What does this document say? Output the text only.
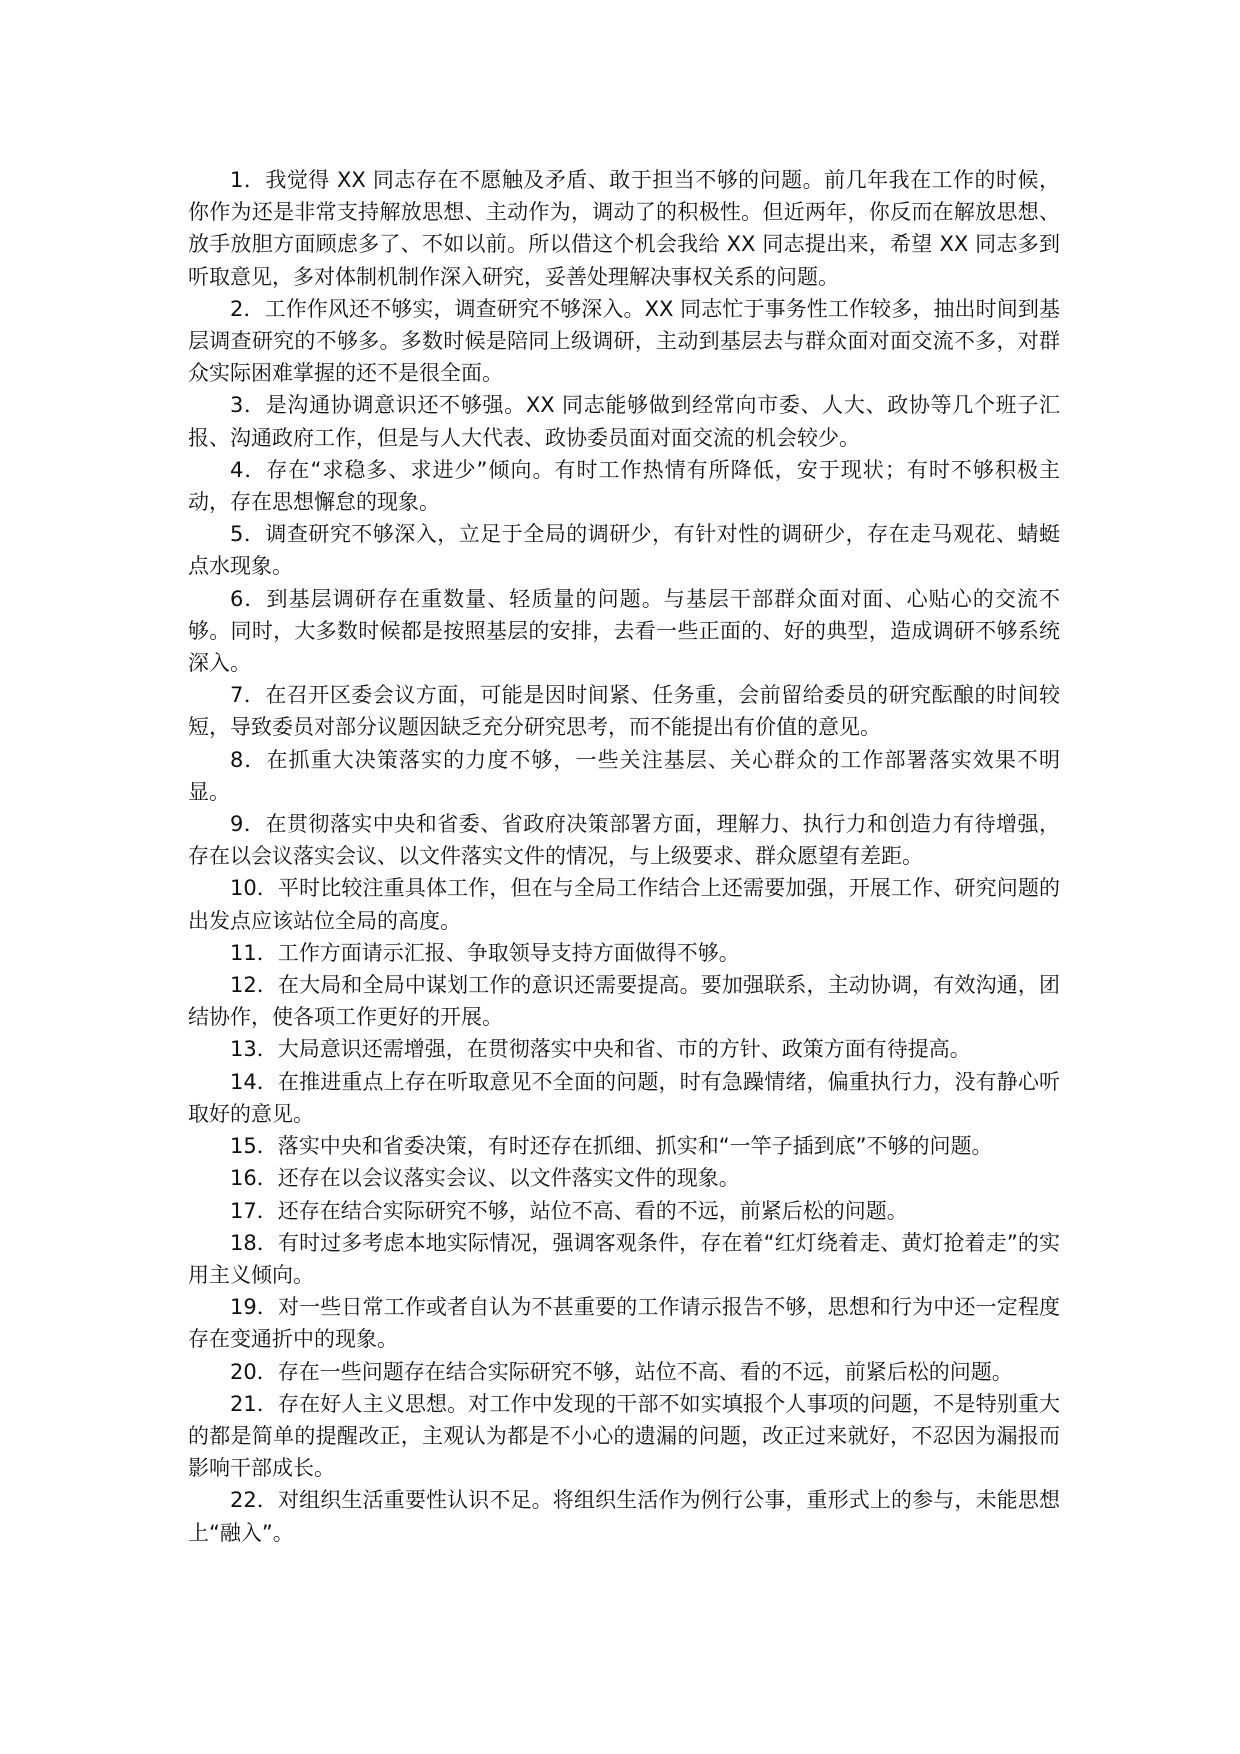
1．我觉得 XX 同志存在不愿触及矛盾、敢于担当不够的问题。前几年我在工作的时候，你作为还是非常支持解放思想、主动作为，调动了的积极性。但近两年，你反而在解放思想、放手放胆方面顾虑多了、不如以前。所以借这个机会我给 XX 同志提出来，希望 XX 同志多到听取意见，多对体制机制作深入研究，妥善处理解决事权关系的问题。

2．工作作风还不够实，调查研究不够深入。XX 同志忙于事务性工作较多，抽出时间到基层调查研究的不够多。多数时候是陪同上级调研，主动到基层去与群众面对面交流不多，对群众实际困难掌握的还不是很全面。

3．是沟通协调意识还不够强。XX 同志能够做到经常向市委、人大、政协等几个班子汇报、沟通政府工作，但是与人大代表、政协委员面对面交流的机会较少。

4．存在“求稳多、求进少”倾向。有时工作热情有所降低，安于现状；有时不够积极主动，存在思想懈怠的现象。

5．调查研究不够深入，立足于全局的调研少，有针对性的调研少，存在走马观花、蜻蜓点水现象。

6．到基层调研存在重数量、轻质量的问题。与基层干部群众面对面、心贴心的交流不够。同时，大多数时候都是按照基层的安排，去看一些正面的、好的典型，造成调研不够系统深入。

7．在召开区委会议方面，可能是因时间紧、任务重，会前留给委员的研究酝酿的时间较短，导致委员对部分议题因缺乏充分研究思考，而不能提出有价值的意见。

8．在抓重大决策落实的力度不够，一些关注基层、关心群众的工作部署落实效果不明显。

9．在贯彻落实中央和省委、省政府决策部署方面，理解力、执行力和创造力有待增强，存在以会议落实会议、以文件落实文件的情况，与上级要求、群众愿望有差距。

10．平时比较注重具体工作，但在与全局工作结合上还需要加强，开展工作、研究问题的出发点应该站位全局的高度。

11．工作方面请示汇报、争取领导支持方面做得不够。

12．在大局和全局中谋划工作的意识还需要提高。要加强联系，主动协调，有效沟通，团结协作，使各项工作更好的开展。

13．大局意识还需增强，在贯彻落实中央和省、市的方针、政策方面有待提高。

14．在推进重点上存在听取意见不全面的问题，时有急躁情绪，偏重执行力，没有静心听取好的意见。

15．落实中央和省委决策，有时还存在抓细、抓实和“一竿子插到底”不够的问题。

16．还存在以会议落实会议、以文件落实文件的现象。

17．还存在结合实际研究不够，站位不高、看的不远，前紧后松的问题。

18．有时过多考虑本地实际情况，强调客观条件，存在着“红灯绕着走、黄灯抢着走”的实用主义倾向。

19．对一些日常工作或者自认为不甚重要的工作请示报告不够，思想和行为中还一定程度存在变通折中的现象。

20．存在一些问题存在结合实际研究不够，站位不高、看的不远，前紧后松的问题。

21．存在好人主义思想。对工作中发现的干部不如实填报个人事项的问题，不是特别重大的都是简单的提醒改正，主观认为都是不小心的遗漏的问题，改正过来就好，不忍因为漏报而影响干部成长。

22．对组织生活重要性认识不足。将组织生活作为例行公事，重形式上的参与，未能思想上“融入”。
